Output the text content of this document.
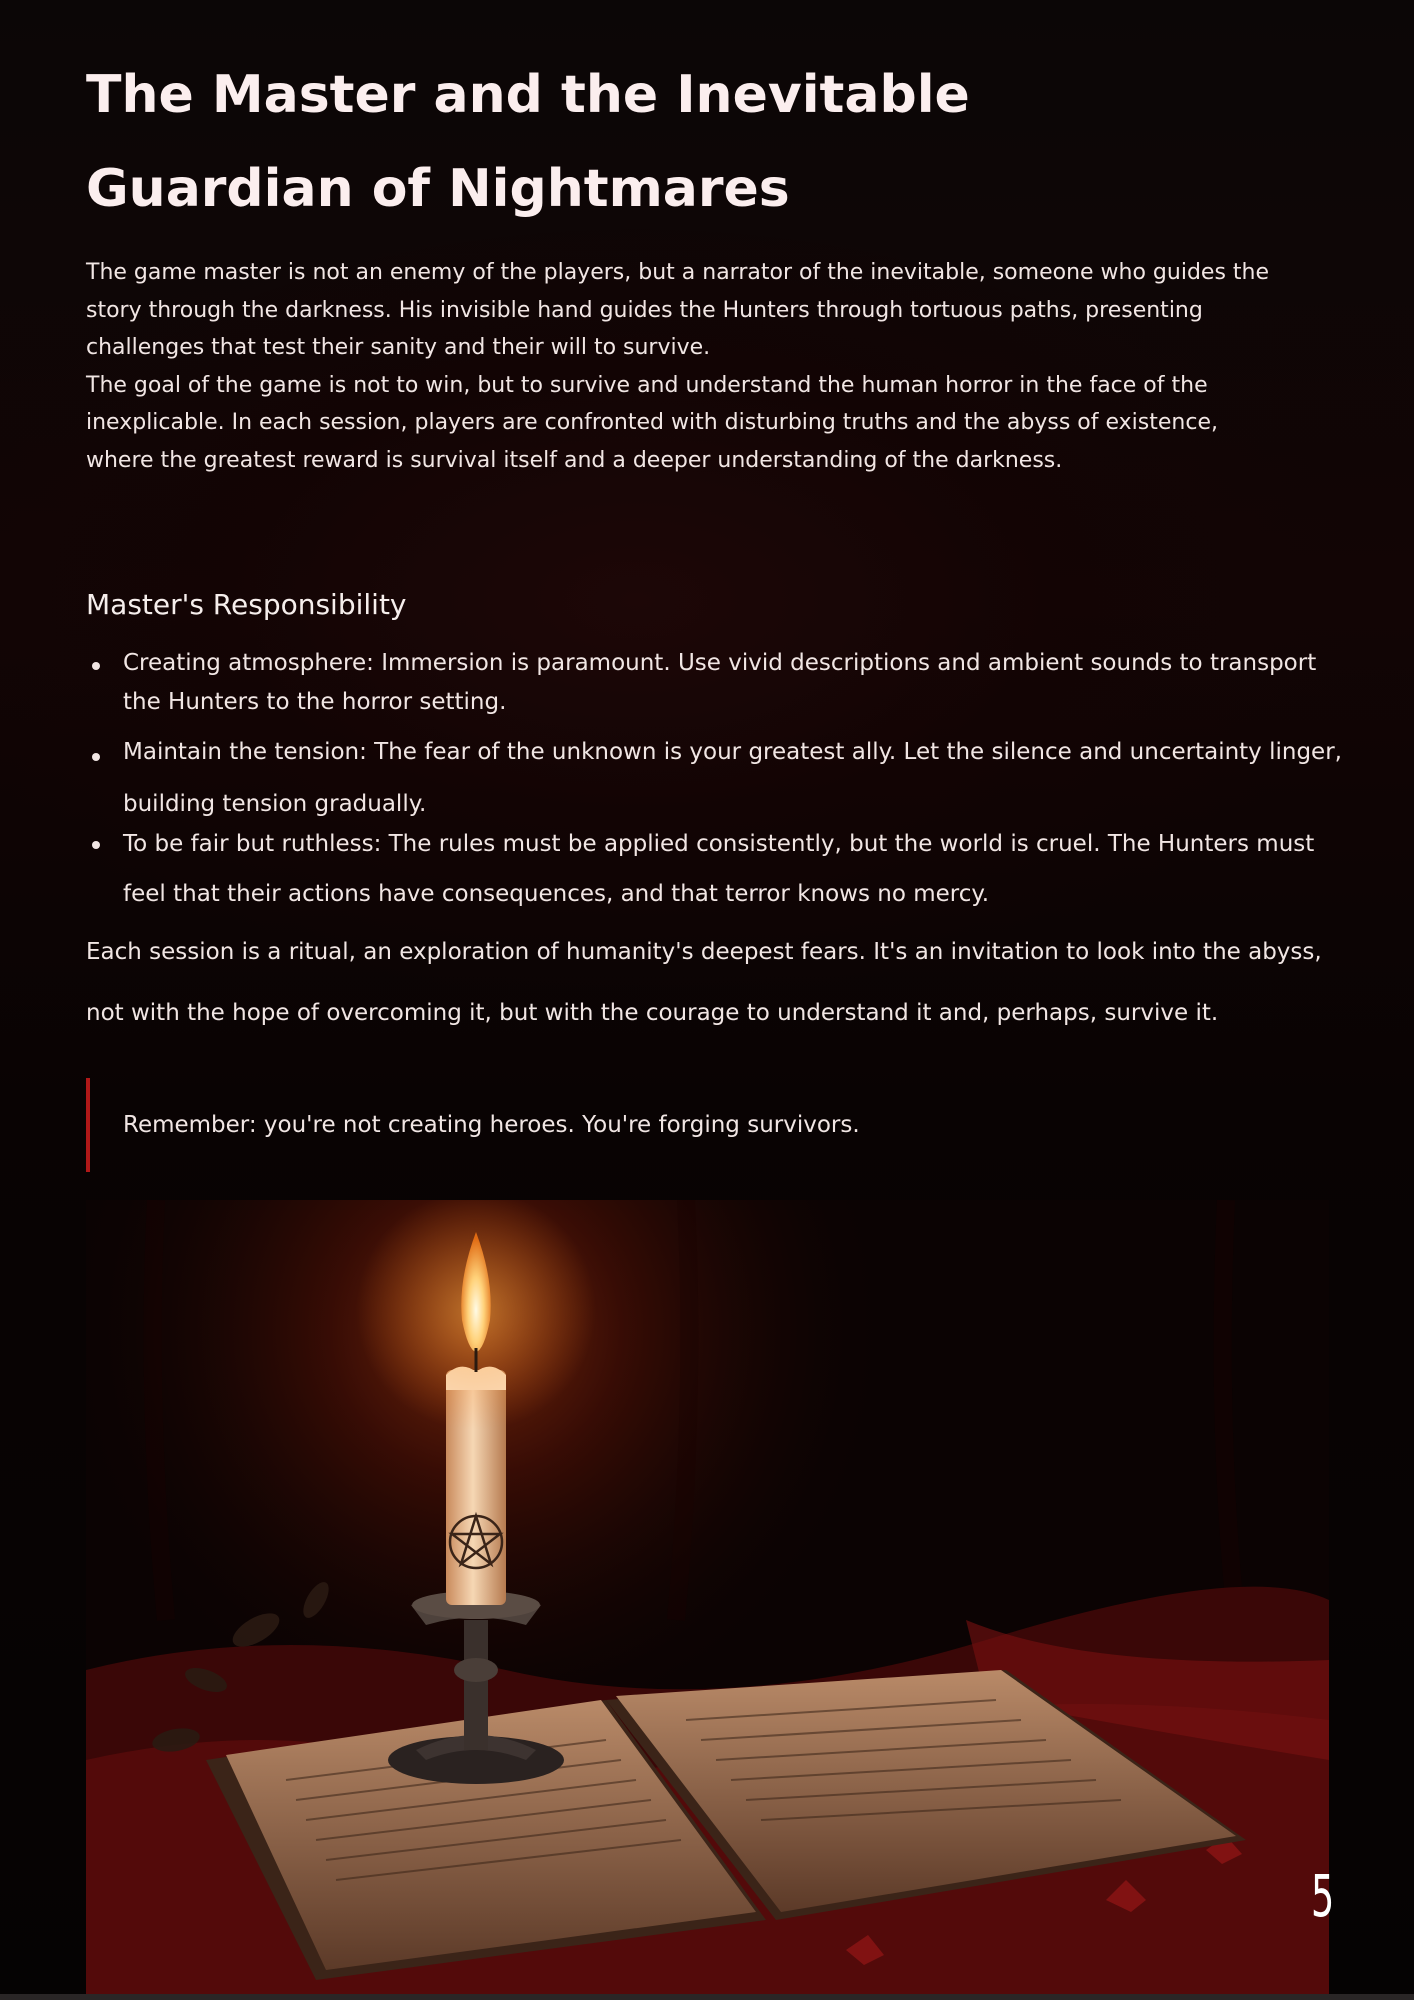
The Master and the Inevitable
Guardian of Nightmares

The game master is not an enemy of the players, but a narrator of the inevitable, someone who guides the story through the darkness. His invisible hand guides the Hunters through tortuous paths, presenting challenges that test their sanity and their will to survive.

The goal of the game is not to win, but to survive and understand the human horror in the face of the inexplicable. In each session, players are confronted with disturbing truths and the abyss of existence, where the greatest reward is survival itself and a deeper understanding of the darkness.

Master's Responsibility
Creating atmosphere: Immersion is paramount. Use vivid descriptions and ambient sounds to transport the Hunters to the horror setting.
Maintain the tension: The fear of the unknown is your greatest ally. Let the silence and uncertainty linger, building tension gradually.
To be fair but ruthless: The rules must be applied consistently, but the world is cruel. The Hunters must feel that their actions have consequences, and that terror knows no mercy.

Each session is a ritual, an exploration of humanity's deepest fears. It's an invitation to look into the abyss, not with the hope of overcoming it, but with the courage to understand it and, perhaps, survive it.

Remember: you're not creating heroes. You're forging survivors.
5
